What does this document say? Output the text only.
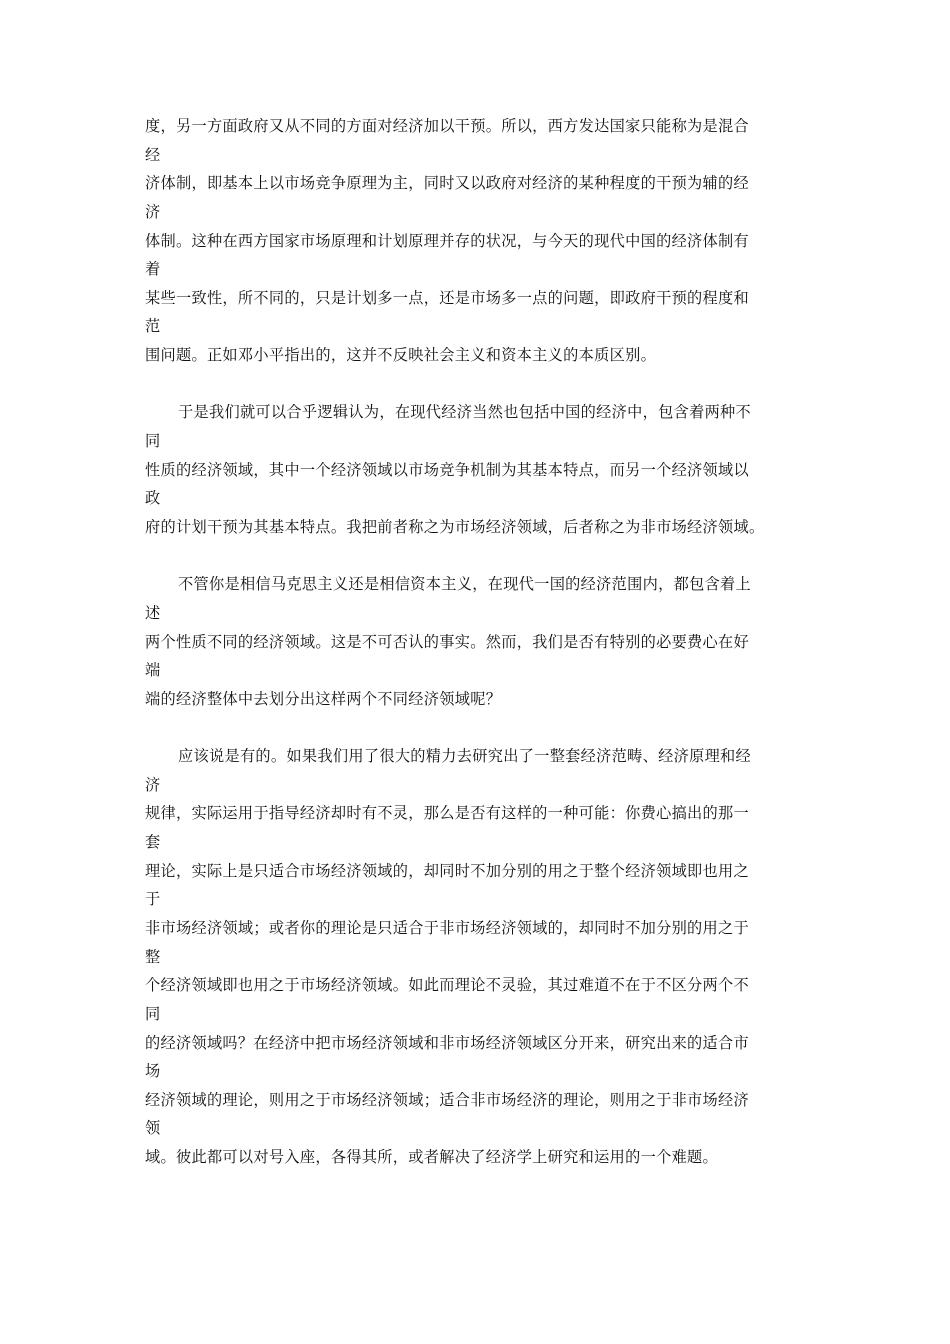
度，另一方面政府又从不同的方面对经济加以干预。所以，西方发达国家只能称为是混合
经
济体制，即基本上以市场竞争原理为主，同时又以政府对经济的某种程度的干预为辅的经
济
体制。这种在西方国家市场原理和计划原理并存的状况，与今天的现代中国的经济体制有
着
某些一致性，所不同的，只是计划多一点，还是市场多一点的问题，即政府干预的程度和
范
围问题。正如邓小平指出的，这并不反映社会主义和资本主义的本质区别。
于是我们就可以合乎逻辑认为，在现代经济当然也包括中国的经济中，包含着两种不
同
性质的经济领域，其中一个经济领域以市场竞争机制为其基本特点，而另一个经济领域以
政
府的计划干预为其基本特点。我把前者称之为市场经济领域，后者称之为非市场经济领域。
不管你是相信马克思主义还是相信资本主义，在现代一国的经济范围内，都包含着上
述
两个性质不同的经济领域。这是不可否认的事实。然而，我们是否有特别的必要费心在好
端
端的经济整体中去划分出这样两个不同经济领域呢？
应该说是有的。如果我们用了很大的精力去研究出了一整套经济范畴、经济原理和经
济
规律，实际运用于指导经济却时有不灵，那么是否有这样的一种可能：你费心搞出的那一
套
理论，实际上是只适合市场经济领域的，却同时不加分别的用之于整个经济领域即也用之
于
非市场经济领域；或者你的理论是只适合于非市场经济领域的，却同时不加分别的用之于
整
个经济领域即也用之于市场经济领域。如此而理论不灵验，其过难道不在于不区分两个不
同
的经济领域吗？在经济中把市场经济领域和非市场经济领域区分开来，研究出来的适合市
场
经济领域的理论，则用之于市场经济领域；适合非市场经济的理论，则用之于非市场经济
领
域。彼此都可以对号入座，各得其所，或者解决了经济学上研究和运用的一个难题。
